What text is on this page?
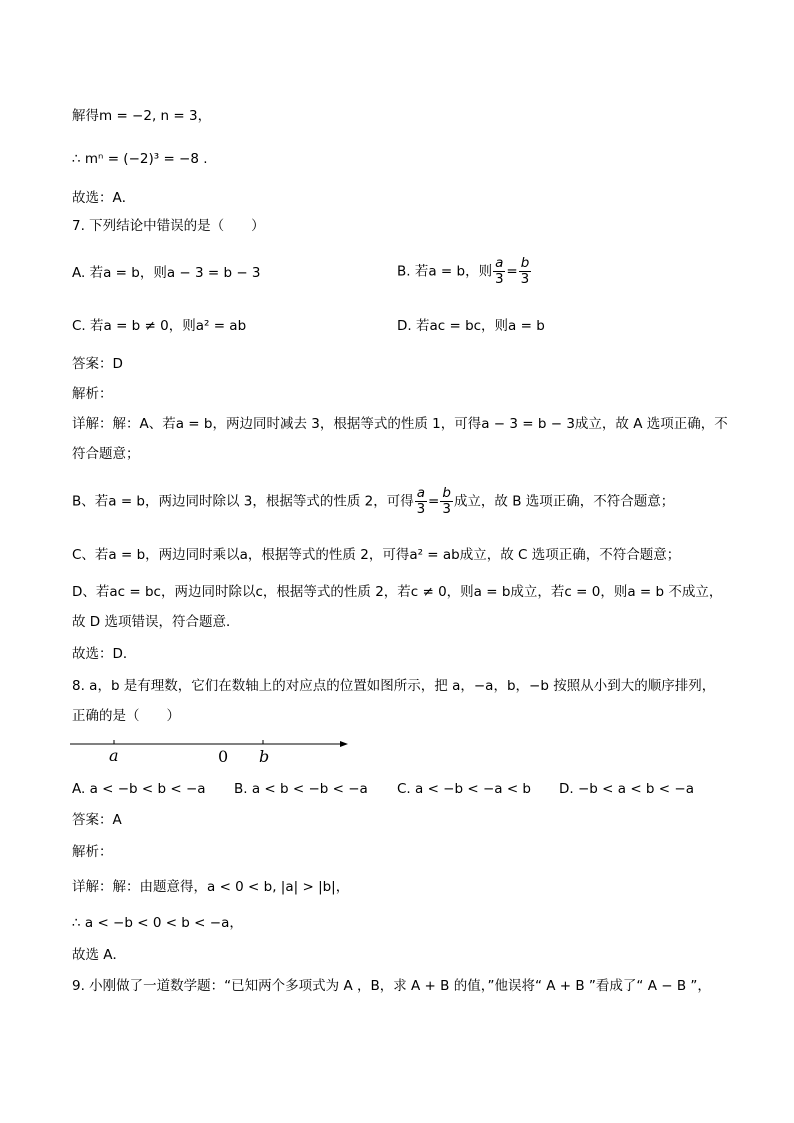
解得m = −2, n = 3，
∴ mⁿ = (−2)³ = −8 .
故选：A．
7. 下列结论中错误的是（　　）
A. 若a = b，则a − 3 = b − 3	B. 若a = b，则 $\frac{a}{3} = \frac{b}{3}$
C. 若a = b ≠ 0，则a² = ab	D. 若ac = bc，则a = b
答案：D
解析：
详解：解：A、若a = b，两边同时减去 3，根据等式的性质 1，可得a − 3 = b − 3成立，故 A 选项正确，不
符合题意；
B、若a = b，两边同时除以 3，根据等式的性质 2，可得 $\frac{a}{3} = \frac{b}{3}$ 成立，故 B 选项正确，不符合题意；
C、若a = b，两边同时乘以a，根据等式的性质 2，可得a² = ab成立，故 C 选项正确，不符合题意；
D、若ac = bc，两边同时除以c，根据等式的性质 2，若c ≠ 0，则a = b成立，若c = 0，则a = b 不成立，
故 D 选项错误，符合题意．
故选：D．
8. a，b 是有理数，它们在数轴上的对应点的位置如图所示，把 a，−a，b，−b 按照从小到大的顺序排列，
正确的是（　　）
a	0 b
A. a < −b < b < −a B. a < b < −b < −a C. a < −b < −a < b D. −b < a < b < −a
答案：A
解析：
详解：解：由题意得，a < 0 < b, |a| > |b|，
∴ a < −b < 0 < b < −a，
故选 A．
9. 小刚做了一道数学题：“已知两个多项式为 A ，B，求 A + B 的值，”他误将“ A + B ”看成了“ A − B ”，
